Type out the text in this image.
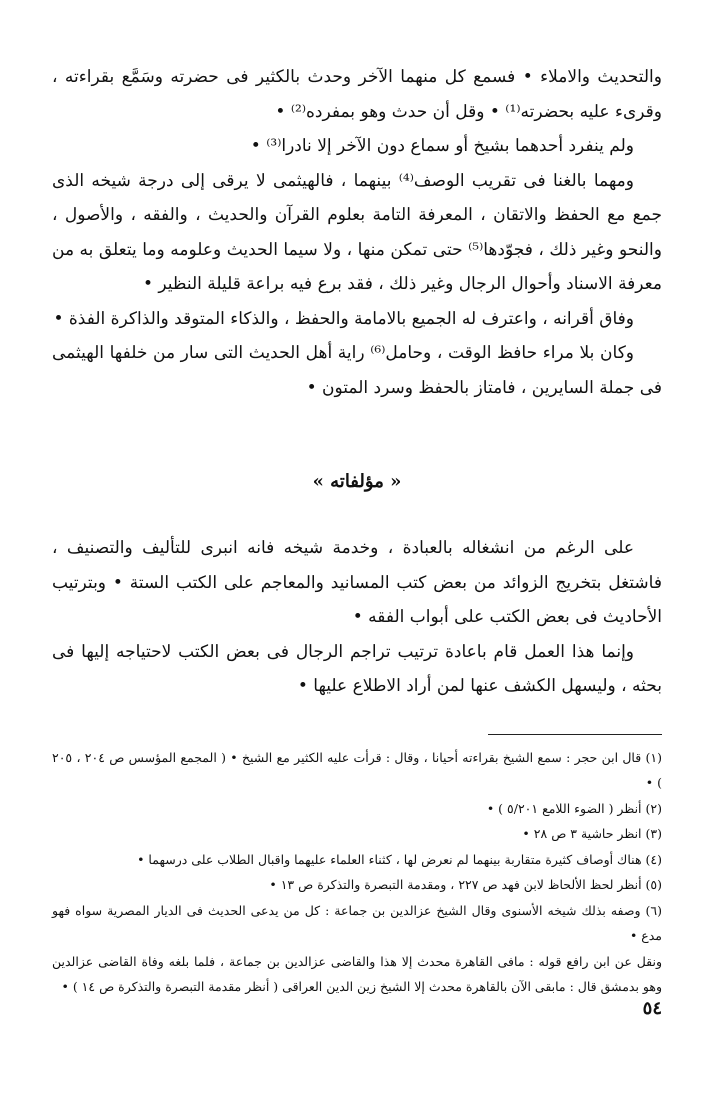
والتحديث والاملاء • فسمع كل منهما الآخر وحدث بالكثير فى حضرته وسَمَّع بقراءته ، وقرىء عليه بحضرته⁽¹⁾ • وقل أن حدث وهو بمفرده⁽²⁾ •

ولم ينفرد أحدهما بشيخ أو سماع دون الآخر إلا نادرا⁽³⁾ •

ومهما بالغنا فى تقريب الوصف⁽⁴⁾ بينهما ، فالهيثمى لا يرقى إلى درجة شيخه الذى جمع مع الحفظ والاتقان ، المعرفة التامة بعلوم القرآن والحديث ، والفقه ، والأصول ، والنحو وغير ذلك ، فجوّدها⁽⁵⁾ حتى تمكن منها ، ولا سيما الحديث وعلومه وما يتعلق به من معرفة الاسناد وأحوال الرجال وغير ذلك ، فقد برع فيه براعة قليلة النظير •

وفاق أقرانه ، واعترف له الجميع بالامامة والحفظ ، والذكاء المتوقد والذاكرة الفذة •

وكان بلا مراء حافظ الوقت ، وحامل⁽⁶⁾ راية أهل الحديث التى سار من خلفها الهيثمى فى جملة السايرين ، فامتاز بالحفظ وسرد المتون •

« مؤلفاته »

على الرغم من انشغاله بالعبادة ، وخدمة شيخه فانه انبرى للتأليف والتصنيف ، فاشتغل بتخريج الزوائد من بعض كتب المسانيد والمعاجم على الكتب الستة • وبترتيب الأحاديث فى بعض الكتب على أبواب الفقه •

وإنما هذا العمل قام باعادة ترتيب تراجم الرجال فى بعض الكتب لاحتياجه إليها فى بحثه ، وليسهل الكشف عنها لمن أراد الاطلاع عليها •

(١) قال ابن حجر : سمع الشيخ بقراءته أحيانا ، وقال : قرأت عليه الكثير مع الشيخ • ( المجمع المؤسس ص ٢٠٤ ، ٢٠٥ ) •

(٢) أنظر ( الضوء اللامع ٥/٢٠١ ) •

(٣) انظر حاشية ٣ ص ٢٨ •

(٤) هناك أوصاف كثيرة متقاربة بينهما لم نعرض لها ، كثناء العلماء عليهما واقبال الطلاب على درسهما •

(٥) أنظر لحظ الألحاظ لابن فهد ص ٢٢٧ ، ومقدمة التبصرة والتذكرة ص ١٣ •

(٦) وصفه بذلك شيخه الأسنوى وقال الشيخ عزالدين بن جماعة : كل من يدعى الحديث فى الديار المصرية سواه فهو مدع •

ونقل عن ابن رافع قوله : مافى القاهرة محدث إلا هذا والقاضى عزالدين بن جماعة ، فلما بلغه وفاة القاضى عزالدين وهو بدمشق قال : مابقى الآن بالقاهرة محدث إلا الشيخ زين الدين العراقى ( أنظر مقدمة التبصرة والتذكرة ص ١٤ ) •

٥٤
